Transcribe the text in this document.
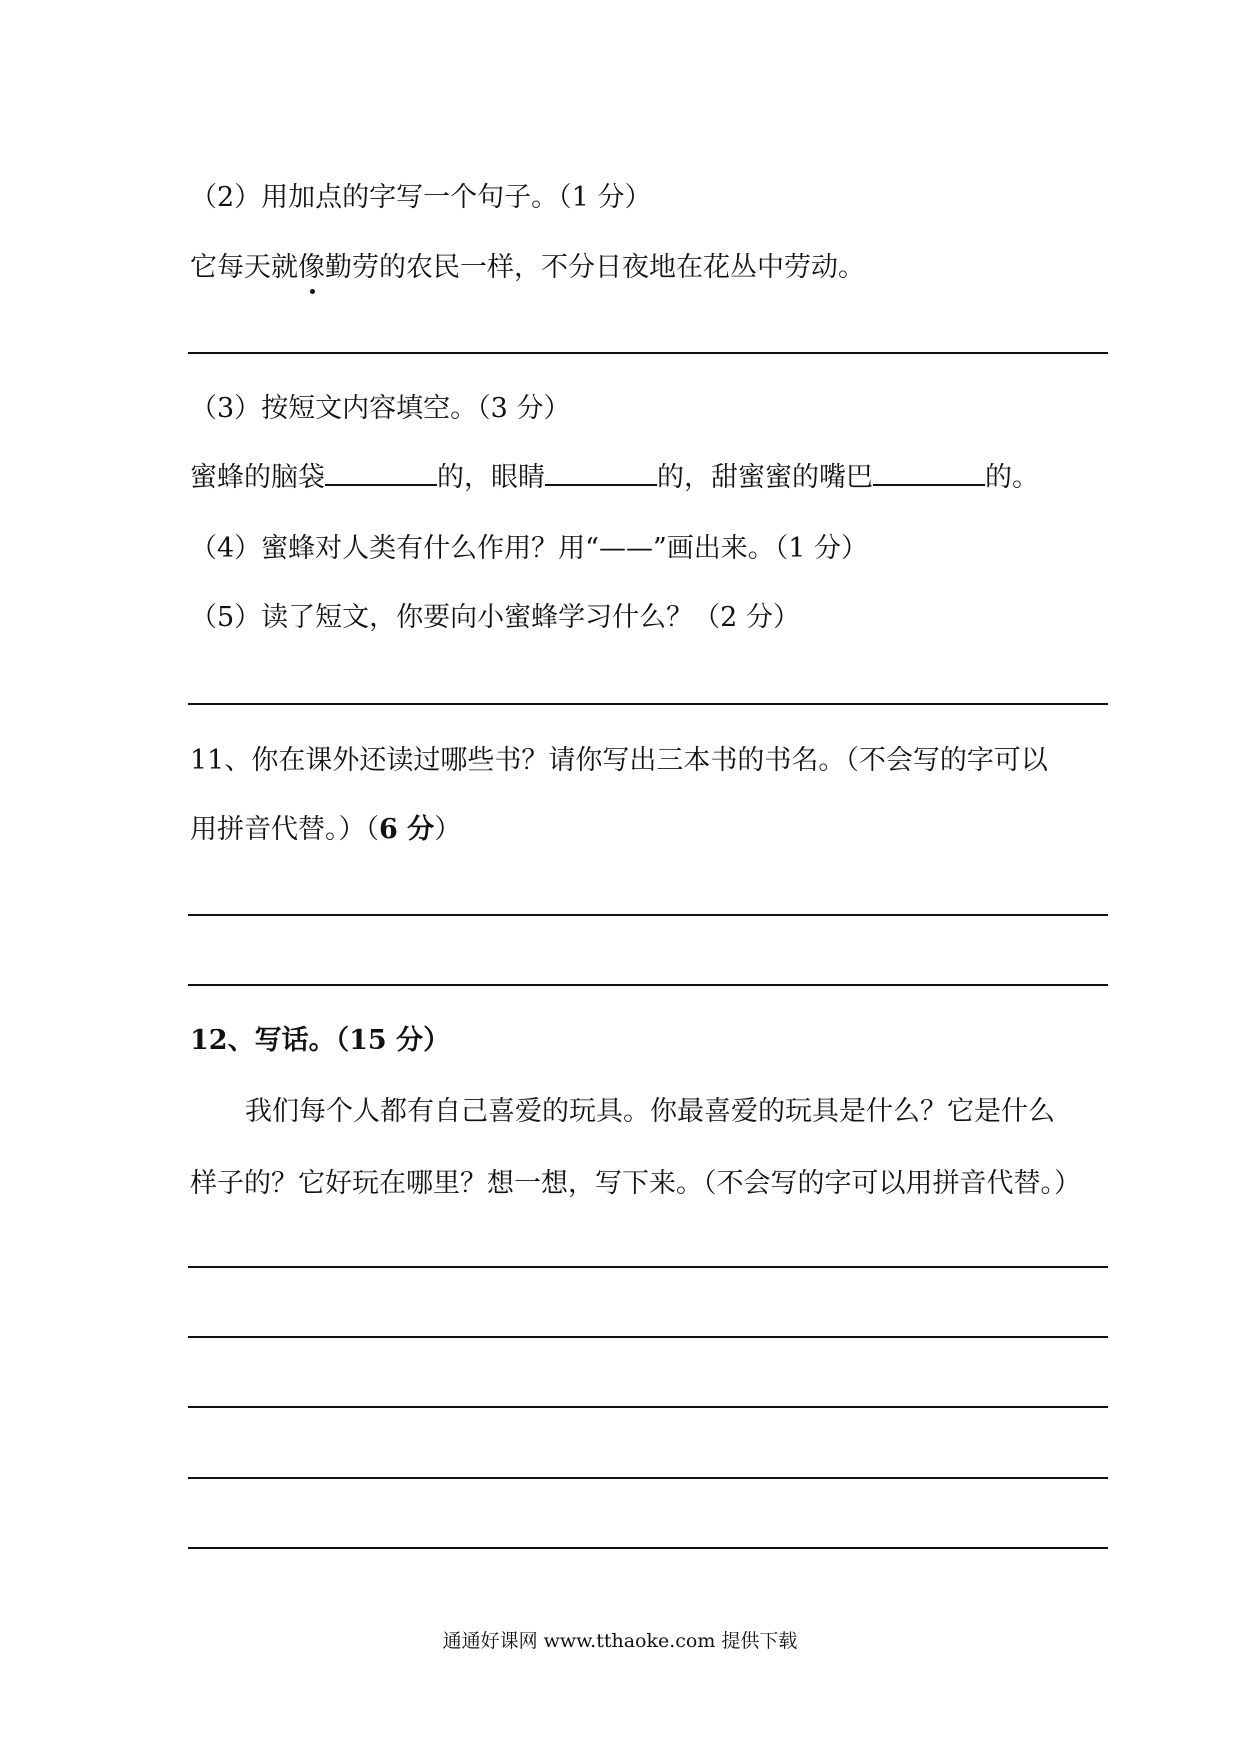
（2）用加点的字写一个句子。（1 分）
它每天就像
勤劳的农民一样，不分日夜地在花丛中劳动。
（3）按短文内容填空。（3 分）
蜜蜂的脑袋	的，眼睛	的，甜蜜蜜的嘴巴	的。
（4）蜜蜂对人类有什么作用？用“——”画出来。（1 分）
（5）读了短文，你要向小蜜蜂学习什么？（2 分）
11、你在课外还读过哪些书？请你写出三本书的书名。（不会写的字可以
用拼音代替。）（6 分）
12、写话。（15 分）
我们每个人都有自己喜爱的玩具。你最喜爱的玩具是什么？它是什么
样子的？它好玩在哪里？想一想，写下来。（不会写的字可以用拼音代替。）
通通好课网 www.tthaoke.com 提供下载
